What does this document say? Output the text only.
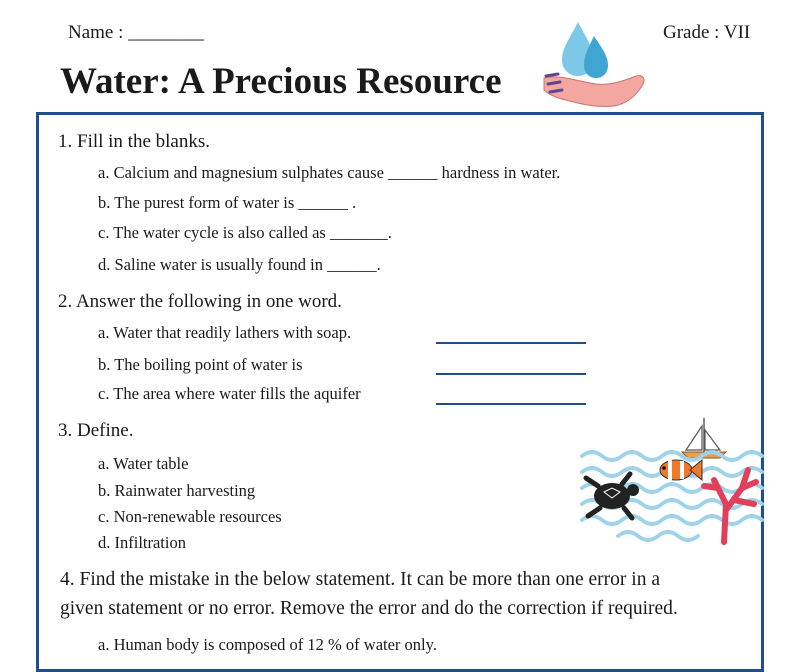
Name : ________	Grade : VII
Water: A Precious Resource
1. Fill in the blanks.
a. Calcium and magnesium sulphates cause ______ hardness in water.
b. The purest form of water is ______ .
c. The water cycle is also called as _______.
d. Saline water is usually found in ______.
2. Answer the following in one word.
a. Water that readily lathers with soap.
b. The boiling point of water is
c. The area where water fills the aquifer
3. Define.
a. Water table
b. Rainwater harvesting
c. Non-renewable resources
d. Infiltration
4. Find the mistake in the below statement. It can be more than one error in a
given statement or no error. Remove the error and do the correction if required.
a. Human body is composed of 12 % of water only.
